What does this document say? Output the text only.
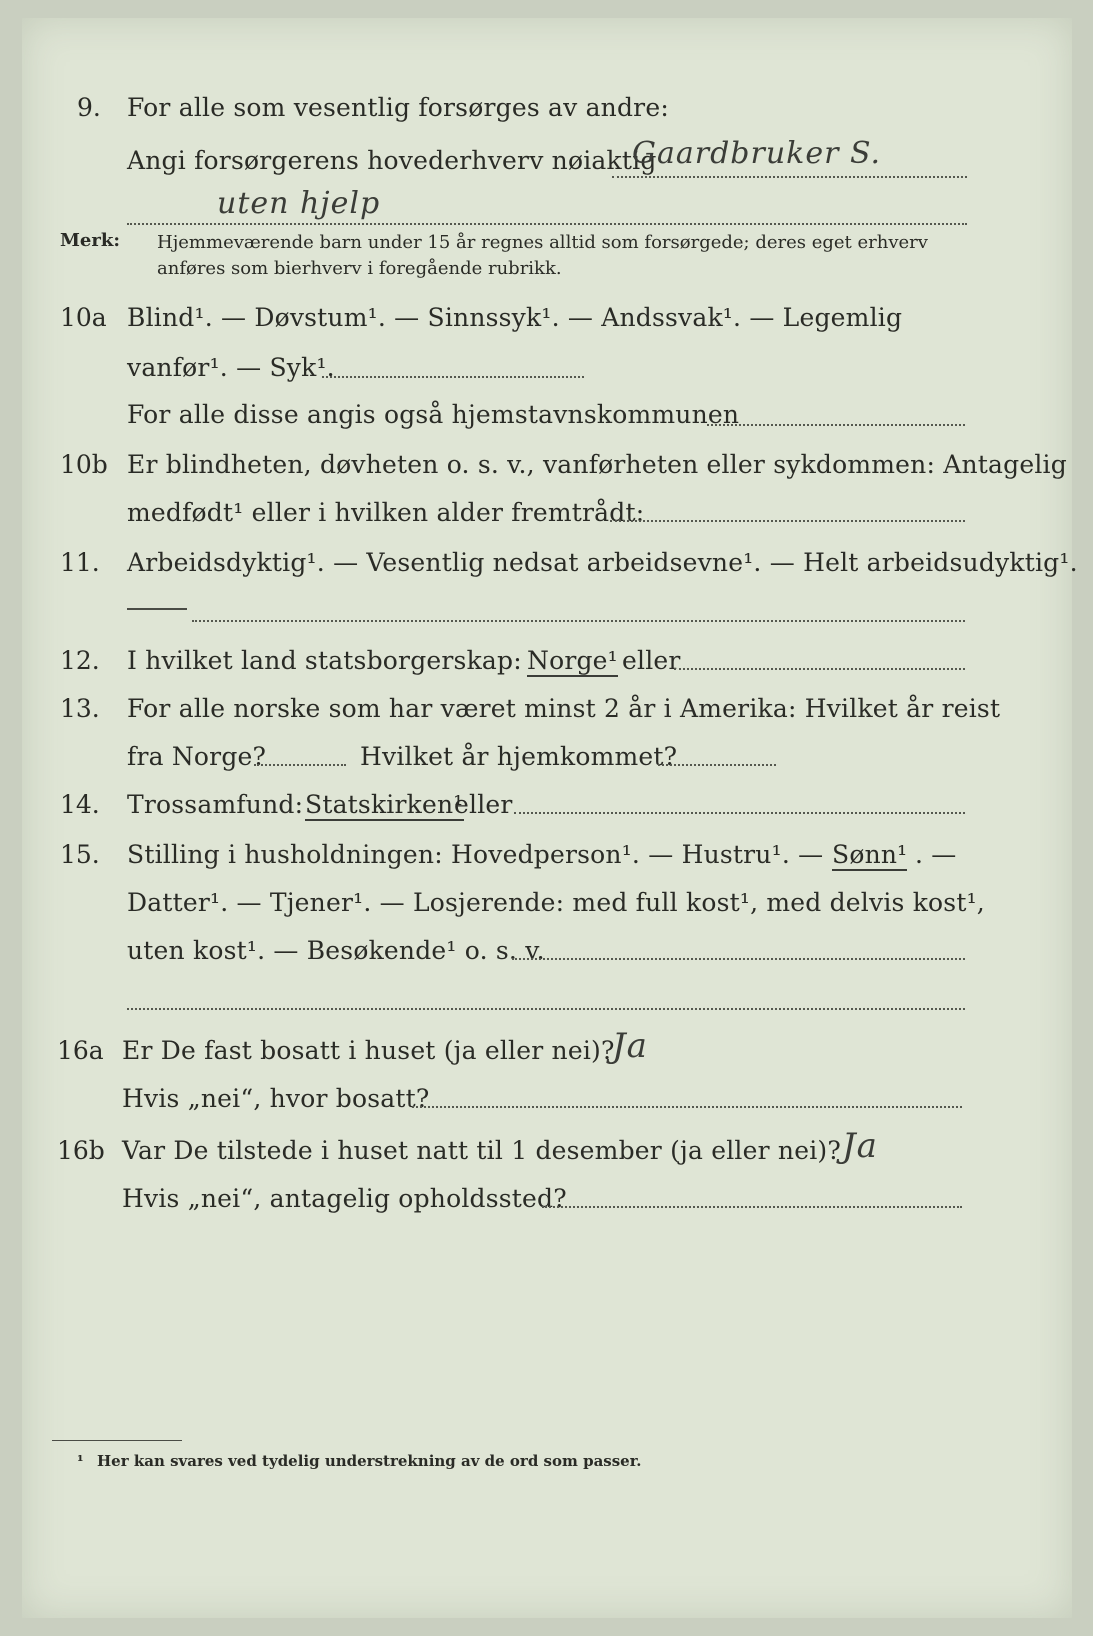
9. For alle som vesentlig forsørges av andre:
Angi forsørgerens hovederhverv nøiaktig
Gaardbruker S.
uten hjelp
Merk: Hjemmeværende barn under 15 år regnes alltid som forsørgede; deres eget erhverv
anføres som bierhverv i foregående rubrikk.
10a Blind¹. — Døvstum¹. — Sinnssyk¹. — Andssvak¹. — Legemlig
vanfør¹. — Syk¹.
For alle disse angis også hjemstavnskommunen
10b Er blindheten, døvheten o. s. v., vanførheten eller sykdommen: Antagelig
medfødt¹ eller i hvilken alder fremtrådt:
11. Arbeidsdyktig¹. — Vesentlig nedsat arbeidsevne¹. — Helt arbeidsudyktig¹.
12. I hvilket land statsborgerskap: Norge¹ eller
13. For alle norske som har været minst 2 år i Amerika: Hvilket år reist
fra Norge?	Hvilket år hjemkommet?
14. Trossamfund: Statskirken¹
eller
15. Stilling i husholdningen: Hovedperson¹. — Hustru¹. — Sønn¹ . —
Datter¹. — Tjener¹. — Losjerende: med full kost¹, med delvis kost¹,
uten kost¹. — Besøkende¹ o. s. v.
16a Er De fast bosatt i huset (ja eller nei)?
Ja
Hvis „nei“, hvor bosatt?
16b Var De tilstede i huset natt til 1 desember (ja eller nei)? Ja
Hvis „nei“, antagelig opholdssted?
¹ Her kan svares ved tydelig understrekning av de ord som passer.
